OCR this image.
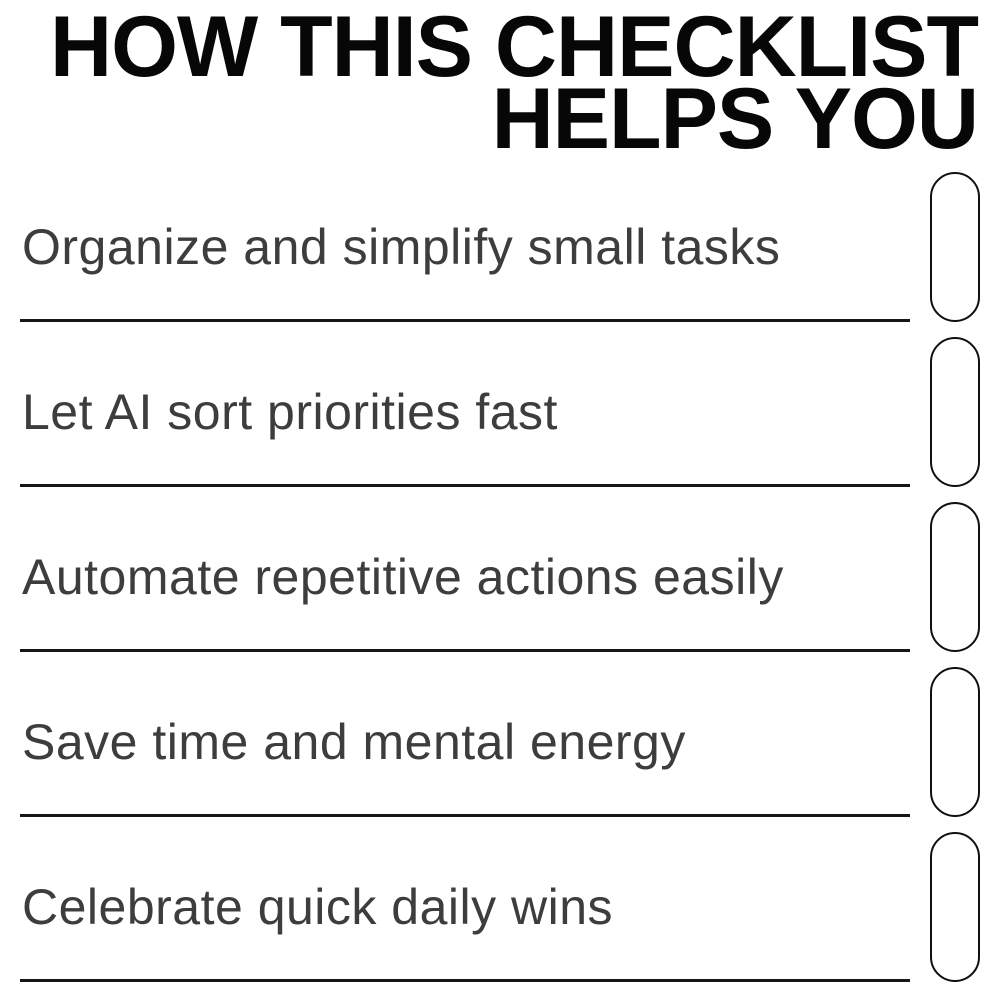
HOW THIS CHECKLIST
HELPS YOU
Organize and simplify small tasks
Let AI sort priorities fast
Automate repetitive actions easily
Save time and mental energy
Celebrate quick daily wins
